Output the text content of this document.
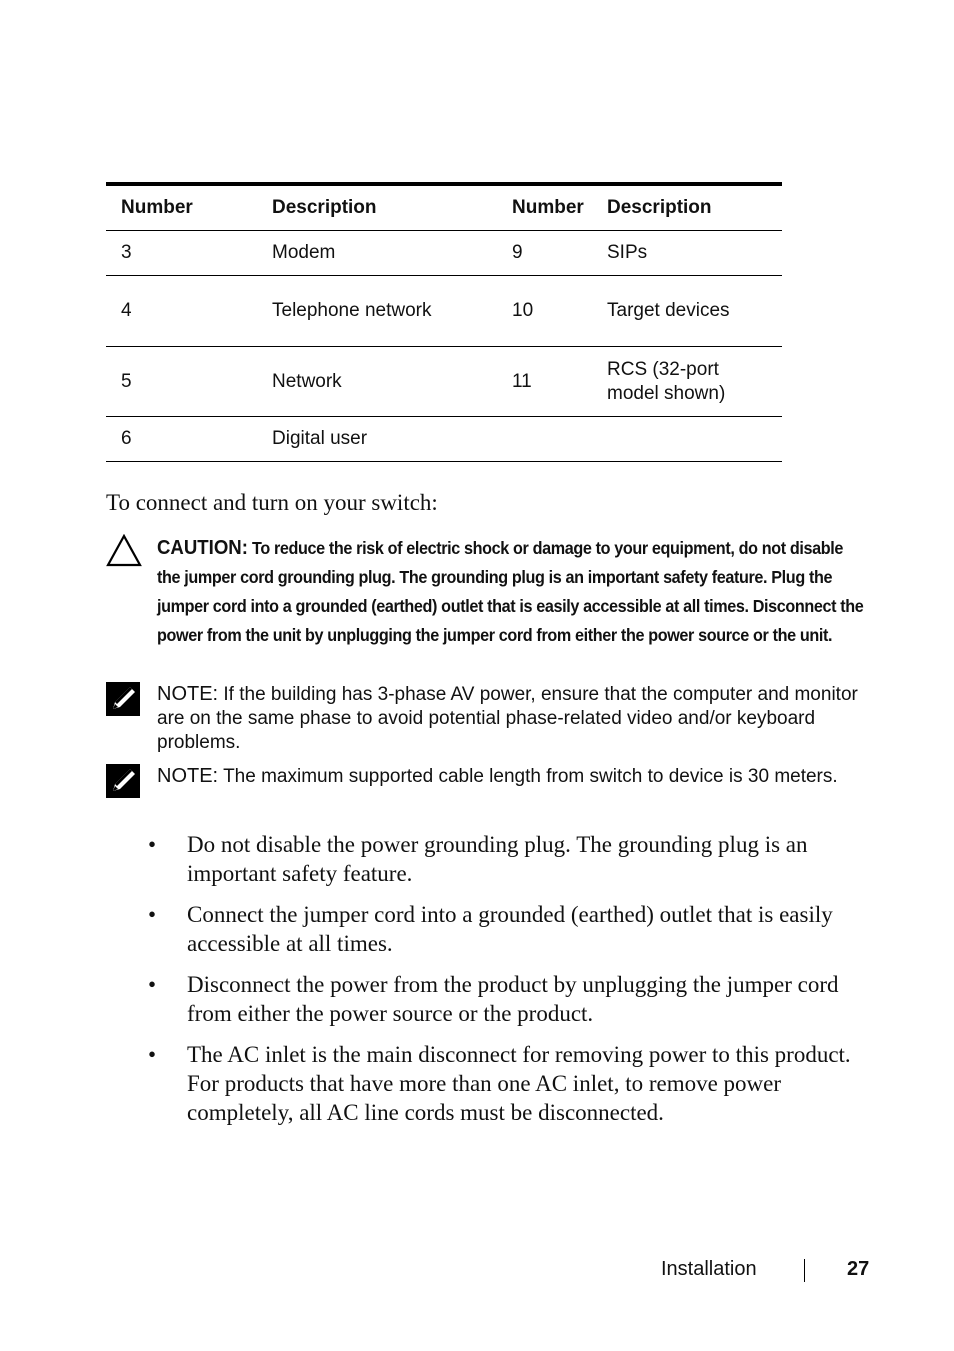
Number	Description	Number	Description
3	Modem	9	SIPs
4	Telephone network	10	Target devices
5	Network	11	RCS (32-port model shown)
6	Digital user		

To connect and turn on your switch:

CAUTION: To reduce the risk of electric shock or damage to your equipment, do not disable the jumper cord grounding plug. The grounding plug is an important safety feature. Plug the jumper cord into a grounded (earthed) outlet that is easily accessible at all times. Disconnect the power from the unit by unplugging the jumper cord from either the power source or the unit.
NOTE: If the building has 3-phase AV power, ensure that the computer and monitor are on the same phase to avoid potential phase-related video and/or keyboard problems.
NOTE: The maximum supported cable length from switch to device is 30 meters.
• Do not disable the power grounding plug. The grounding plug is an important safety feature.
• Connect the jumper cord into a grounded (earthed) outlet that is easily accessible at all times.
• Disconnect the power from the product by unplugging the jumper cord from either the power source or the product.
• The AC inlet is the main disconnect for removing power to this product. For products that have more than one AC inlet, to remove power completely, all AC line cords must be disconnected.
Installation	27
